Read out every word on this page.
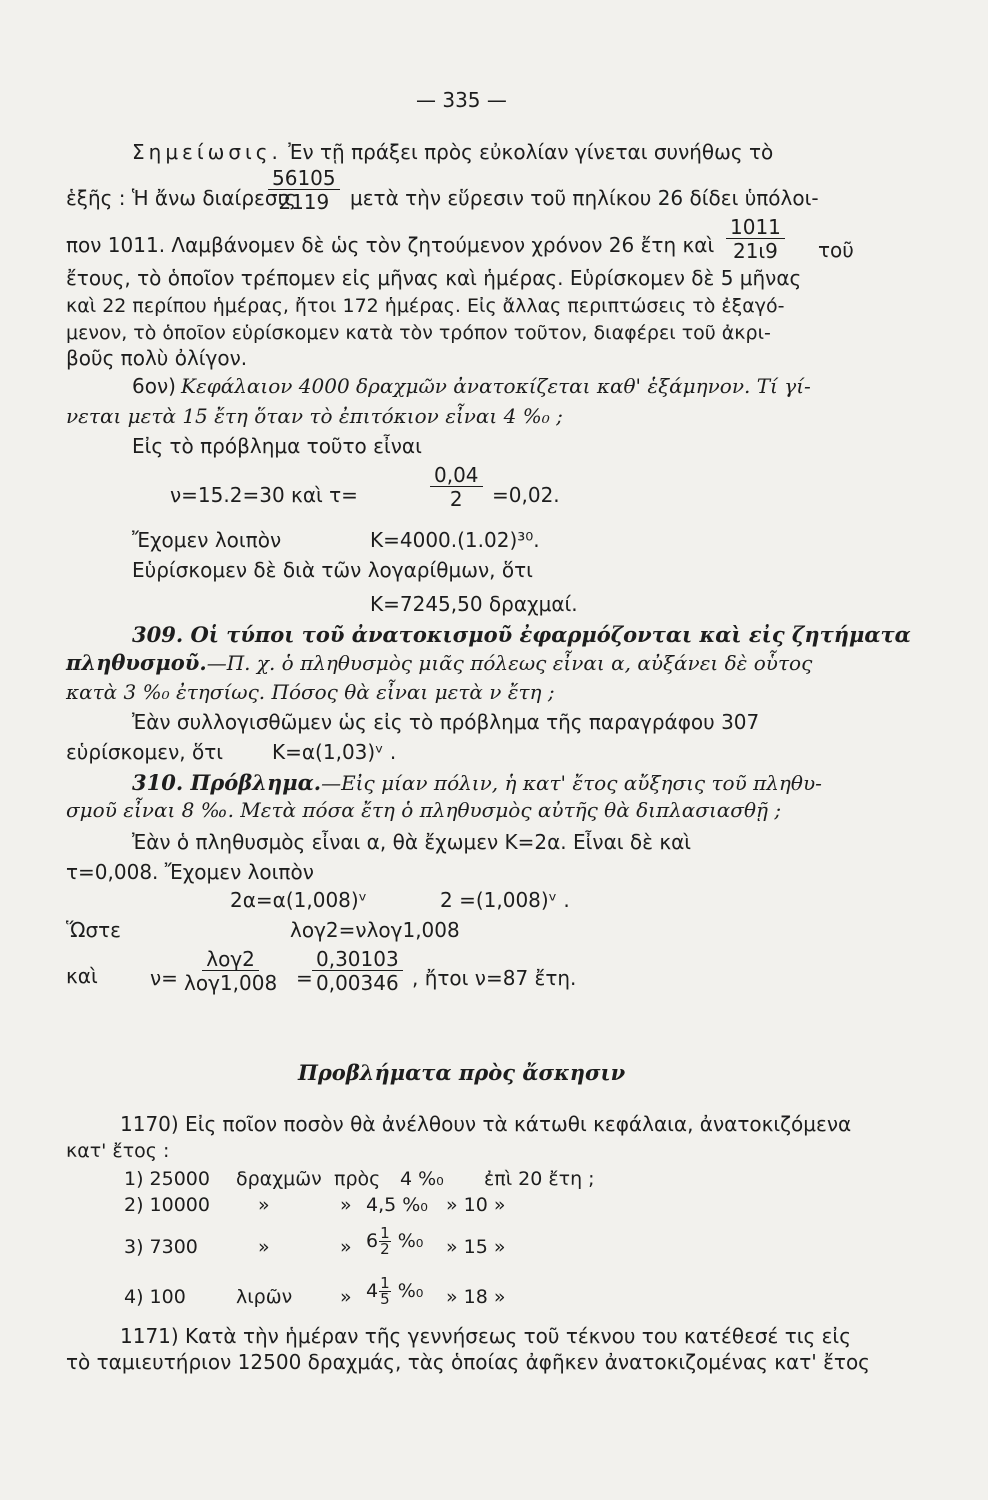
— 335 —
Σημείωσις. Ἐν τῇ πράξει πρὸς εὐκολίαν γίνεται συνήθως τὸ
ἑξῆς : Ἡ ἄνω διαίρεσις
$\frac{56105}{2119}$ μετὰ τὴν εὕρεσιν τοῦ πηλίκου 26 δίδει ὑπόλοι-
πον 1011. Λαμβάνομεν δὲ ὡς τὸν ζητούμενον χρόνον 26 ἔτη καὶ $\frac{1011}{21\iota 9}$ τοῦ
ἔτους, τὸ ὁποῖον τρέπομεν εἰς μῆνας καὶ ἡμέρας. Εὑρίσκομεν δὲ 5 μῆνας
καὶ 22 περίπου ἡμέρας, ἤτοι 172 ἡμέρας. Εἰς ἄλλας περιπτώσεις τὸ ἐξαγό-
μενον, τὸ ὁποῖον εὑρίσκομεν κατὰ τὸν τρόπον τοῦτον, διαφέρει τοῦ ἀκρι-
βοῦς πολὺ ὀλίγον.
6ον) Κεφάλαιον 4000 δραχμῶν ἀνατοκίζεται καθ' ἑξάμηνον. Τί γί-
νεται μετὰ 15 ἔτη ὅταν τὸ ἐπιτόκιον εἶναι 4 %₀ ;
Εἰς τὸ πρόβλημα τοῦτο εἶναι
ν=15.2=30 καὶ τ=	$\frac{0,04}{2} =0,02$.
Ἔχομεν λοιπὸν	K=4000.(1.02)³⁰.
Εὑρίσκομεν δὲ διὰ τῶν λογαρίθμων, ὅτι
K=7245,50 δραχμαί.
309. Οἱ τύποι τοῦ ἀνατοκισμοῦ ἐφαρμόζονται καὶ εἰς ζητήματα
πληθυσμοῦ.—Π. χ. ὁ πληθυσμὸς μιᾶς πόλεως εἶναι α, αὐξάνει δὲ οὗτος
κατὰ 3 %₀ ἐτησίως. Πόσος θὰ εἶναι μετὰ ν ἔτη ;
Ἐὰν συλλογισθῶμεν ὡς εἰς τὸ πρόβλημα τῆς παραγράφου 307
εὑρίσκομεν, ὅτι K=α(1,03)ᵛ .
310. Πρόβλημα.—Εἰς μίαν πόλιν, ἡ κατ' ἔτος αὔξησις τοῦ πληθυ-
σμοῦ εἶναι 8 ‰. Μετὰ πόσα ἔτη ὁ πληθυσμὸς αὐτῆς θὰ διπλασιασθῇ ;
Ἐὰν ὁ πληθυσμὸς εἶναι α, θὰ ἔχωμεν K=2α. Εἶναι δὲ καὶ
τ=0,008. Ἔχομεν λοιπὸν
2α=α(1,008)ᵛ	2 =(1,008)ᵛ .
Ὥστε	λογ2=νλογ1,008
καὶ	ν=
λογ2
$\lambda o\gamma 1,008 = \frac{0,30103}{0,00346}$ , ἤτοι ν=87 ἔτη.
Προβλήματα πρὸς ἄσκησιν
1170) Εἰς ποῖον ποσὸν θὰ ἀνέλθουν τὰ κάτωθι κεφάλαια, ἀνατοκιζόμενα
κατ' ἔτος :
1) 25000 δραχμῶν πρὸς 4 %₀ ἐπὶ 20 ἔτη ;
2) 10000	»	» 4,5 %₀ » 10 »
3) 7300	»	» $6 \frac{1}{2} \%_0$ » 15 »
4) 100	λιρῶν	» $4 \frac{1}{5} \%_0$ » 18 »
1171) Κατὰ τὴν ἡμέραν τῆς γεννήσεως τοῦ τέκνου του κατέθεσέ τις εἰς
τὸ ταμιευτήριον 12500 δραχμάς, τὰς ὁποίας ἀφῆκεν ἀνατοκιζομένας κατ' ἔτος
